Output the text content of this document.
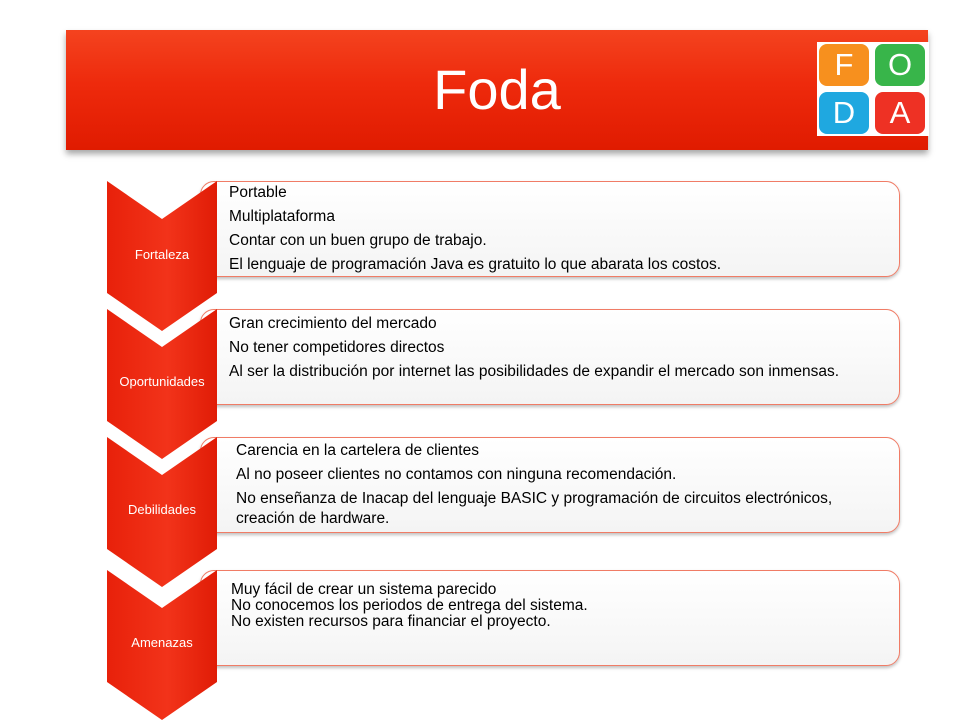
Foda	F	O
D	A
Fortaleza
Portable
Multiplataforma
Contar con un buen grupo de trabajo.
El lenguaje de programación Java es gratuito lo que abarata los costos.
Oportunidades
Gran crecimiento del mercado
No tener competidores directos
Al ser la distribución por internet las posibilidades de expandir el mercado son inmensas.
Debilidades
Carencia en la cartelera de clientes
Al no poseer clientes no contamos con ninguna recomendación.
No enseñanza de Inacap del lenguaje BASIC y programación de circuitos electrónicos, creación de hardware.
Amenazas
Muy fácil de crear un sistema parecido
No conocemos los periodos de entrega del sistema.
No existen recursos para financiar el proyecto.
